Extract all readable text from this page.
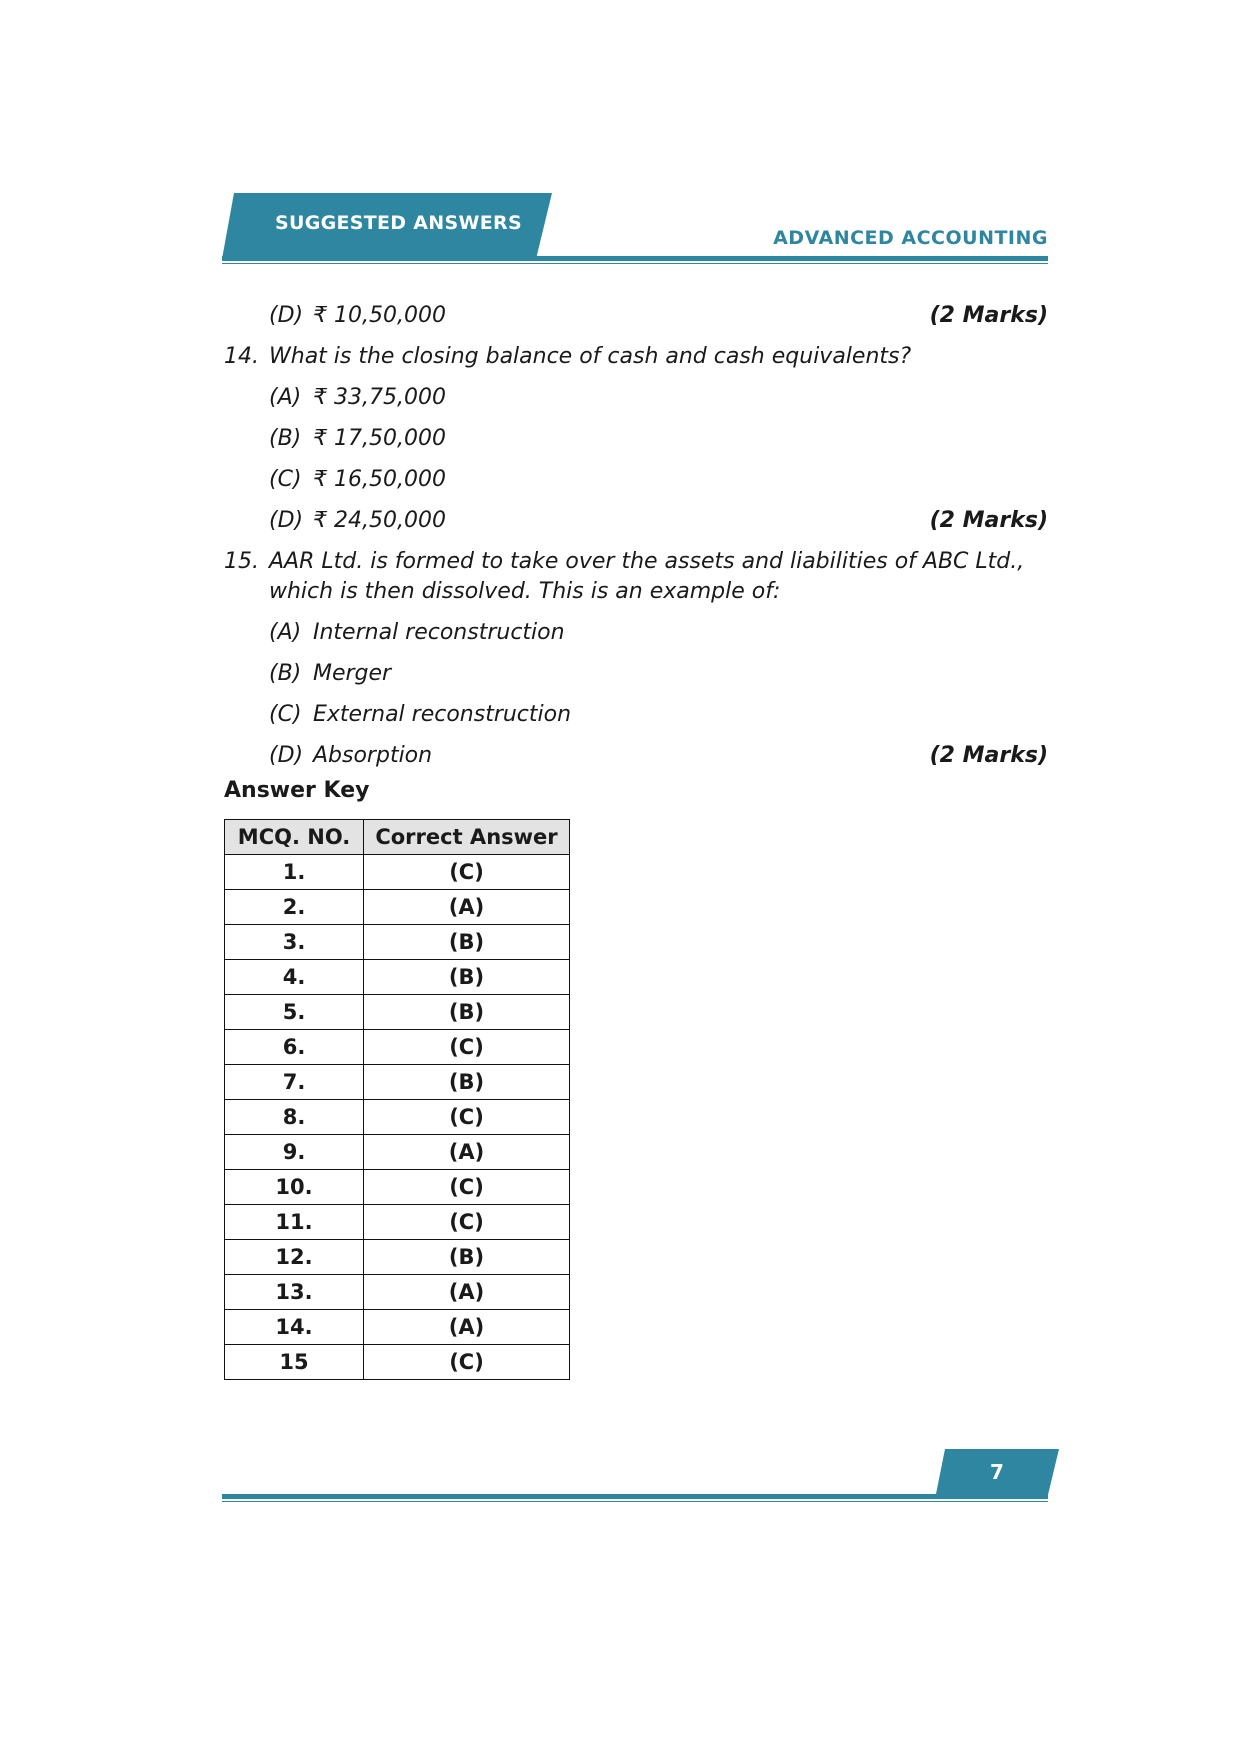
SUGGESTED ANSWERS
ADVANCED ACCOUNTING
(D) ₹ 10,50,000	(2 Marks)
14. What is the closing balance of cash and cash equivalents?
(A) ₹ 33,75,000
(B) ₹ 17,50,000
(C) ₹ 16,50,000
(D) ₹ 24,50,000	(2 Marks)
15. AAR Ltd. is formed to take over the assets and liabilities of ABC Ltd., which is then dissolved. This is an example of:
(A) Internal reconstruction
(B) Merger
(C) External reconstruction
(D) Absorption	(2 Marks)
Answer Key
MCQ. NO.	Correct Answer
1.	(C)
2.	(A)
3.	(B)
4.	(B)
5.	(B)
6.	(C)
7.	(B)
8.	(C)
9.	(A)
10.	(C)
11.	(C)
12.	(B)
13.	(A)
14.	(A)
15	(C)
7
